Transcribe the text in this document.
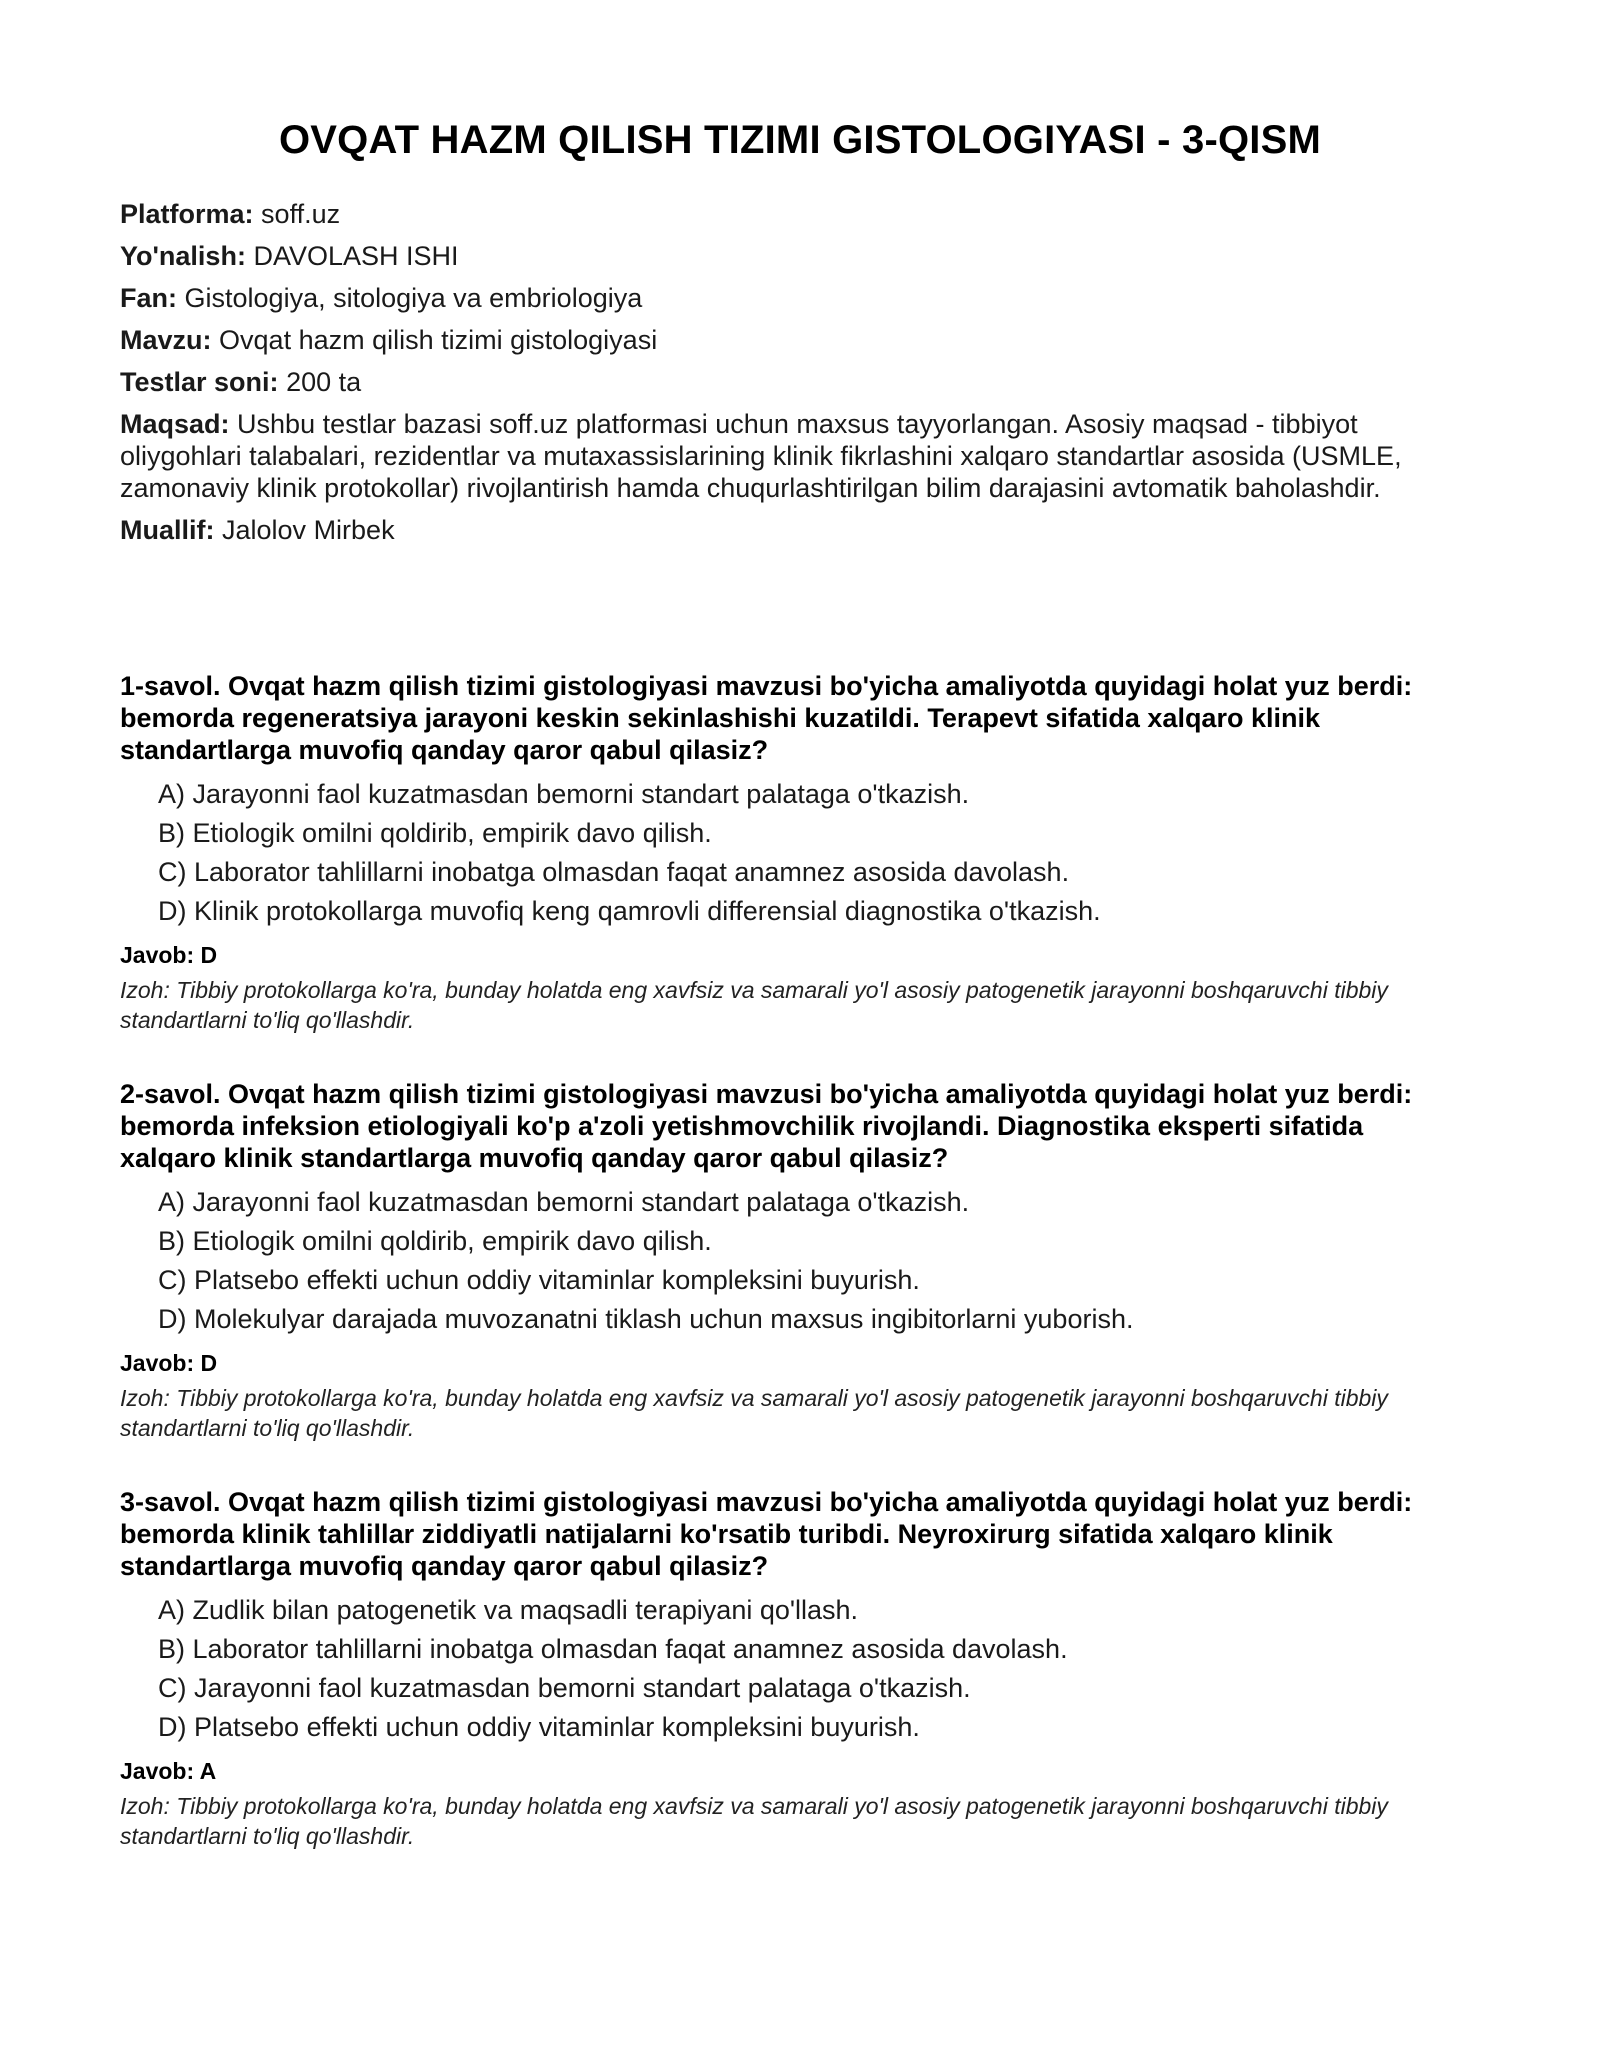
OVQAT HAZM QILISH TIZIMI GISTOLOGIYASI - 3-QISM
Platforma: soff.uz
Yo'nalish: DAVOLASH ISHI
Fan: Gistologiya, sitologiya va embriologiya
Mavzu: Ovqat hazm qilish tizimi gistologiyasi
Testlar soni: 200 ta
Maqsad: Ushbu testlar bazasi soff.uz platformasi uchun maxsus tayyorlangan. Asosiy maqsad - tibbiyot oliygohlari talabalari, rezidentlar va mutaxassislarining klinik fikrlashini xalqaro standartlar asosida (USMLE, zamonaviy klinik protokollar) rivojlantirish hamda chuqurlashtirilgan bilim darajasini avtomatik baholashdir.
Muallif: Jalolov Mirbek
1-savol. Ovqat hazm qilish tizimi gistologiyasi mavzusi bo'yicha amaliyotda quyidagi holat yuz berdi: bemorda regeneratsiya jarayoni keskin sekinlashishi kuzatildi. Terapevt sifatida xalqaro klinik standartlarga muvofiq qanday qaror qabul qilasiz?
A) Jarayonni faol kuzatmasdan bemorni standart palataga o'tkazish.
B) Etiologik omilni qoldirib, empirik davo qilish.
C) Laborator tahlillarni inobatga olmasdan faqat anamnez asosida davolash.
D) Klinik protokollarga muvofiq keng qamrovli differensial diagnostika o'tkazish.
Javob: D
Izoh: Tibbiy protokollarga ko'ra, bunday holatda eng xavfsiz va samarali yo'l asosiy patogenetik jarayonni boshqaruvchi tibbiy standartlarni to'liq qo'llashdir.
2-savol. Ovqat hazm qilish tizimi gistologiyasi mavzusi bo'yicha amaliyotda quyidagi holat yuz berdi: bemorda infeksion etiologiyali ko'p a'zoli yetishmovchilik rivojlandi. Diagnostika eksperti sifatida xalqaro klinik standartlarga muvofiq qanday qaror qabul qilasiz?
A) Jarayonni faol kuzatmasdan bemorni standart palataga o'tkazish.
B) Etiologik omilni qoldirib, empirik davo qilish.
C) Platsebo effekti uchun oddiy vitaminlar kompleksini buyurish.
D) Molekulyar darajada muvozanatni tiklash uchun maxsus ingibitorlarni yuborish.
Javob: D
Izoh: Tibbiy protokollarga ko'ra, bunday holatda eng xavfsiz va samarali yo'l asosiy patogenetik jarayonni boshqaruvchi tibbiy standartlarni to'liq qo'llashdir.
3-savol. Ovqat hazm qilish tizimi gistologiyasi mavzusi bo'yicha amaliyotda quyidagi holat yuz berdi: bemorda klinik tahlillar ziddiyatli natijalarni ko'rsatib turibdi. Neyroxirurg sifatida xalqaro klinik standartlarga muvofiq qanday qaror qabul qilasiz?
A) Zudlik bilan patogenetik va maqsadli terapiyani qo'llash.
B) Laborator tahlillarni inobatga olmasdan faqat anamnez asosida davolash.
C) Jarayonni faol kuzatmasdan bemorni standart palataga o'tkazish.
D) Platsebo effekti uchun oddiy vitaminlar kompleksini buyurish.
Javob: A
Izoh: Tibbiy protokollarga ko'ra, bunday holatda eng xavfsiz va samarali yo'l asosiy patogenetik jarayonni boshqaruvchi tibbiy standartlarni to'liq qo'llashdir.
